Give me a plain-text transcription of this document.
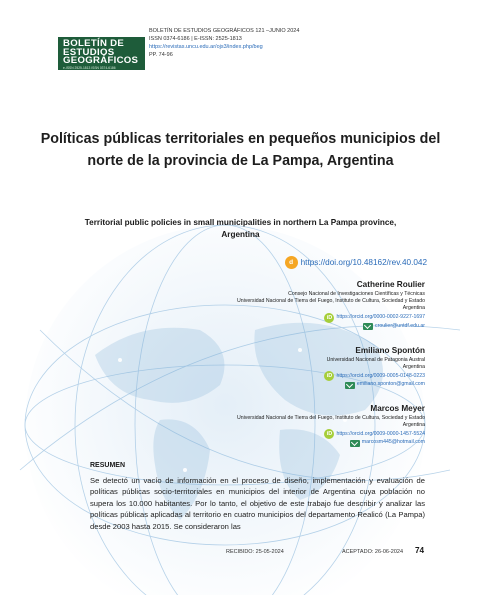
BOLETÍN DE
ESTUDIOS
GEOGRÁFICOS
e-ISSN 2525-1813 ISSN 0374-6186
BOLETÍN DE ESTUDIOS GEOGRÁFICOS 121 –JUNIO 2024
ISSN 0374-6186 | E-ISSN: 2525-1813
https://revistas.uncu.edu.ar/ojs3/index.php/beg
PP. 74-96
Políticas públicas territoriales en pequeños municipios del norte de la provincia de La Pampa, Argentina
Territorial public policies in small municipalities in northern La Pampa province, Argentina
d https://doi.org/10.48162/rev.40.042
Catherine Roulier
Consejo Nacional de Investigaciones Científicas y Técnicas
Universidad Nacional de Tierra del Fuego, Instituto de Cultura, Sociedad y Estado
Argentina
iD https://orcid.org/0000-0002-9227-1697

croulier@untdf.edu.ar
Emiliano Spontón
Universidad Nacional de Patagonia Austral
Argentina
iD https://orcid.org/0009-0005-0148-0223

emiliano.sponton@gmail.com
Marcos Meyer
Universidad Nacional de Tierra del Fuego, Instituto de Cultura, Sociedad y Estado
Argentina
iD https://orcid.org/0009-0000-1457-5524

marcosm445@hotmail.com
RESUMEN
Se detectó un vacío de información en el proceso de diseño, implementación y evaluación de políticas públicas socio-territoriales en municipios del interior de Argentina cuya población no supera los 10.000 habitantes. Por lo tanto, el objetivo de este trabajo fue describir y analizar las políticas públicas aplicadas al territorio en cuatro municipios del departamento Realicó (La Pampa) desde 2003 hasta 2015. Se consideraron las
RECIBIDO: 25-05-2024	ACEPTADO: 26-06-2024 74
